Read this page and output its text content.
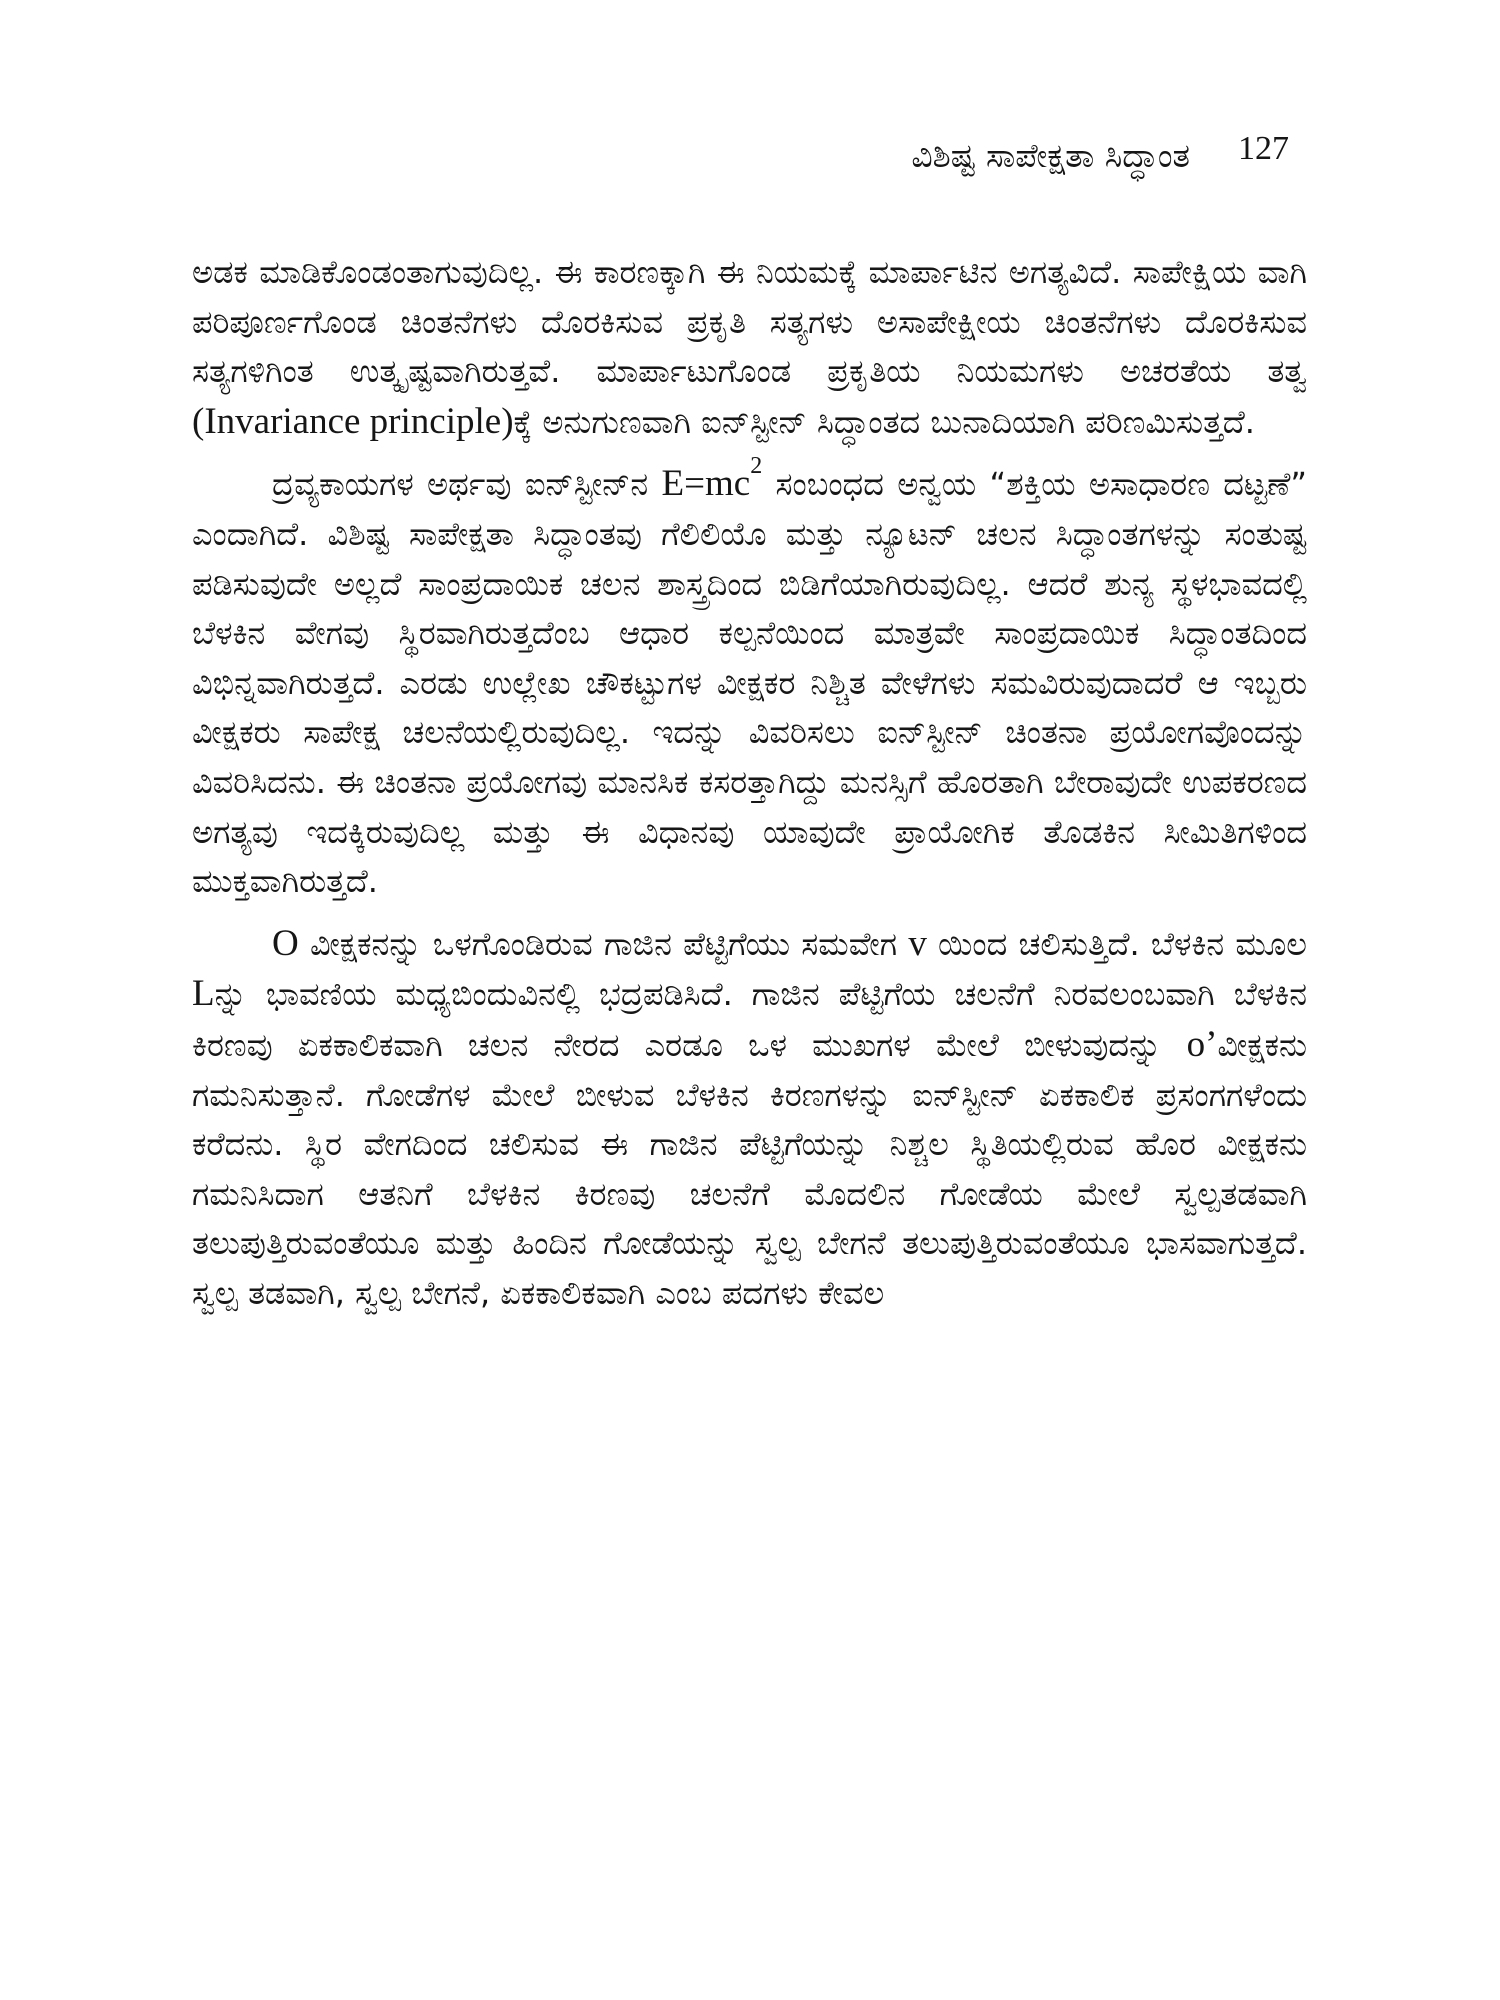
ವಿಶಿಷ್ಟ ಸಾಪೇಕ್ಷತಾ ಸಿದ್ಧಾಂತ 127

ಅಡಕ ಮಾಡಿಕೊಂಡಂತಾಗುವುದಿಲ್ಲ. ಈ ಕಾರಣಕ್ಕಾಗಿ ಈ ನಿಯಮಕ್ಕೆ ಮಾರ್ಪಾಟಿನ ಅಗತ್ಯವಿದೆ. ಸಾಪೇಕ್ಷಿಯ ವಾಗಿ ಪರಿಪೂರ್ಣಗೊಂಡ ಚಿಂತನೆಗಳು ದೊರಕಿಸುವ ಪ್ರಕೃತಿ ಸತ್ಯಗಳು ಅಸಾಪೇಕ್ಷೀಯ ಚಿಂತನೆಗಳು ದೊರಕಿಸುವ ಸತ್ಯಗಳಿಗಿಂತ ಉತ್ಕೃಷ್ಟವಾಗಿರುತ್ತವೆ. ಮಾರ್ಪಾಟುಗೊಂಡ ಪ್ರಕೃತಿಯ ನಿಯಮಗಳು ಅಚರತೆಯ ತತ್ವ (Invariance principle)ಕ್ಕೆ ಅನುಗುಣವಾಗಿ ಐನ್‌ಸ್ಟೀನ್ ಸಿದ್ಧಾಂತದ ಬುನಾದಿಯಾಗಿ ಪರಿಣಮಿಸುತ್ತದೆ.

ದ್ರವ್ಯಕಾಯಗಳ ಅರ್ಥವು ಐನ್‌ಸ್ಟೀನ್‌ನ $E=mc^2$ ಸಂಬಂಧದ ಅನ್ವಯ “ಶಕ್ತಿಯ ಅಸಾಧಾರಣ ದಟ್ಟಣೆ” ಎಂದಾಗಿದೆ. ವಿಶಿಷ್ಟ ಸಾಪೇಕ್ಷತಾ ಸಿದ್ಧಾಂತವು ಗೆಲಿಲಿಯೊ ಮತ್ತು ನ್ಯೂಟನ್ ಚಲನ ಸಿದ್ಧಾಂತಗಳನ್ನು ಸಂತುಷ್ಟ ಪಡಿಸುವುದೇ ಅಲ್ಲದೆ ಸಾಂಪ್ರದಾಯಿಕ ಚಲನ ಶಾಸ್ತ್ರದಿಂದ ಬಿಡಿಗೆಯಾಗಿರುವುದಿಲ್ಲ. ಆದರೆ ಶುನ್ಯ ಸ್ಥಳಭಾವದಲ್ಲಿ ಬೆಳಕಿನ ವೇಗವು ಸ್ಥಿರವಾಗಿರುತ್ತದೆಂಬ ಆಧಾರ ಕಲ್ಪನೆಯಿಂದ ಮಾತ್ರವೇ ಸಾಂಪ್ರದಾಯಿಕ ಸಿದ್ಧಾಂತದಿಂದ ವಿಭಿನ್ನವಾಗಿರುತ್ತದೆ. ಎರಡು ಉಲ್ಲೇಖ ಚೌಕಟ್ಟುಗಳ ವೀಕ್ಷಕರ ನಿಶ್ಚಿತ ವೇಳೆಗಳು ಸಮವಿರುವುದಾದರೆ ಆ ಇಬ್ಬರು ವೀಕ್ಷಕರು ಸಾಪೇಕ್ಷ ಚಲನೆಯಲ್ಲಿರುವುದಿಲ್ಲ. ಇದನ್ನು ವಿವರಿಸಲು ಐನ್‌ಸ್ಟೀನ್ ಚಿಂತನಾ ಪ್ರಯೋಗವೊಂದನ್ನು ವಿವರಿಸಿದನು. ಈ ಚಿಂತನಾ ಪ್ರಯೋಗವು ಮಾನಸಿಕ ಕಸರತ್ತಾಗಿದ್ದು ಮನಸ್ಸಿಗೆ ಹೊರತಾಗಿ ಬೇರಾವುದೇ ಉಪಕರಣದ ಅಗತ್ಯವು ಇದಕ್ಕಿರುವುದಿಲ್ಲ ಮತ್ತು ಈ ವಿಧಾನವು ಯಾವುದೇ ಪ್ರಾಯೋಗಿಕ ತೊಡಕಿನ ಸೀಮಿತಿಗಳಿಂದ ಮುಕ್ತವಾಗಿರುತ್ತದೆ.

O ವೀಕ್ಷಕನನ್ನು ಒಳಗೊಂಡಿರುವ ಗಾಜಿನ ಪೆಟ್ಟಿಗೆಯು ಸಮವೇಗ v ಯಿಂದ ಚಲಿಸುತ್ತಿದೆ. ಬೆಳಕಿನ ಮೂಲ Lನ್ನು ಭಾವಣಿಯ ಮಧ್ಯಬಿಂದುವಿನಲ್ಲಿ ಭದ್ರಪಡಿಸಿದೆ. ಗಾಜಿನ ಪೆಟ್ಟಿಗೆಯ ಚಲನೆಗೆ ನಿರವಲಂಬವಾಗಿ ಬೆಳಕಿನ ಕಿರಣವು ಏಕಕಾಲಿಕವಾಗಿ ಚಲನ ನೇರದ ಎರಡೂ ಒಳ ಮುಖಗಳ ಮೇಲೆ ಬೀಳುವುದನ್ನು o’ವೀಕ್ಷಕನು ಗಮನಿಸುತ್ತಾನೆ. ಗೋಡೆಗಳ ಮೇಲೆ ಬೀಳುವ ಬೆಳಕಿನ ಕಿರಣಗಳನ್ನು ಐನ್‌ಸ್ಟೀನ್ ಏಕಕಾಲಿಕ ಪ್ರಸಂಗಗಳೆಂದು ಕರೆದನು. ಸ್ಥಿರ ವೇಗದಿಂದ ಚಲಿಸುವ ಈ ಗಾಜಿನ ಪೆಟ್ಟಿಗೆಯನ್ನು ನಿಶ್ಚಲ ಸ್ಥಿತಿಯಲ್ಲಿರುವ ಹೊರ ವೀಕ್ಷಕನು ಗಮನಿಸಿದಾಗ ಆತನಿಗೆ ಬೆಳಕಿನ ಕಿರಣವು ಚಲನೆಗೆ ಮೊದಲಿನ ಗೋಡೆಯ ಮೇಲೆ ಸ್ವಲ್ಪತಡವಾಗಿ ತಲುಪುತ್ತಿರುವಂತೆಯೂ ಮತ್ತು ಹಿಂದಿನ ಗೋಡೆಯನ್ನು ಸ್ವಲ್ಪ ಬೇಗನೆ ತಲುಪುತ್ತಿರುವಂತೆಯೂ ಭಾಸವಾಗುತ್ತದೆ. ಸ್ವಲ್ಪ ತಡವಾಗಿ, ಸ್ವಲ್ಪ ಬೇಗನೆ, ಏಕಕಾಲಿಕವಾಗಿ ಎಂಬ ಪದಗಳು ಕೇವಲ
